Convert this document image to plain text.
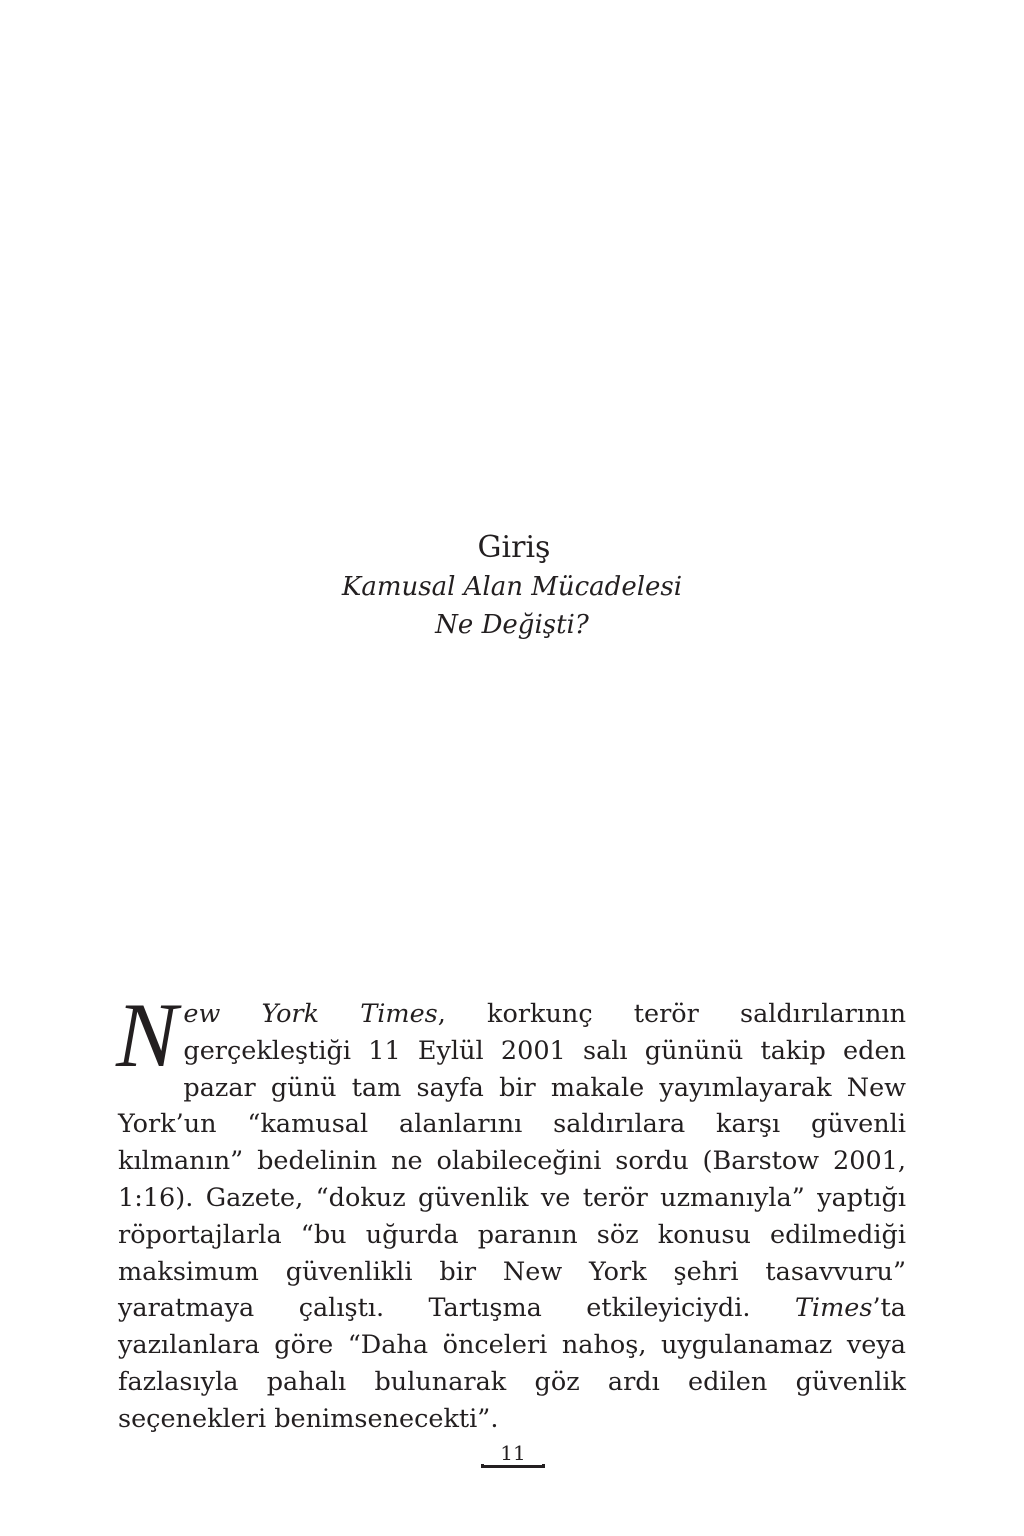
Giriş

Kamusal Alan Mücadelesi

Ne Değişti?

New York Times, korkunç terör saldırılarının gerçekleştiği 11 Eylül 2001 salı gününü takip eden pazar günü tam sayfa bir makale yayımlayarak New York’un “kamusal alanlarını saldırılara karşı güvenli kılmanın” bedelinin ne olabileceğini sordu (Barstow 2001, 1:16). Gazete, “dokuz güvenlik ve terör uzmanıyla” yaptığı röportajlarla “bu uğurda paranın söz konusu edilmediği maksimum güvenlikli bir New York şehri tasavvuru” yaratmaya çalıştı. Tartışma etkileyiciydi. Times’ta yazılanlara göre “Daha önceleri nahoş, uygulanamaz veya fazlasıyla pahalı bulunarak göz ardı edilen güvenlik seçenekleri benimsenecekti”.

11
